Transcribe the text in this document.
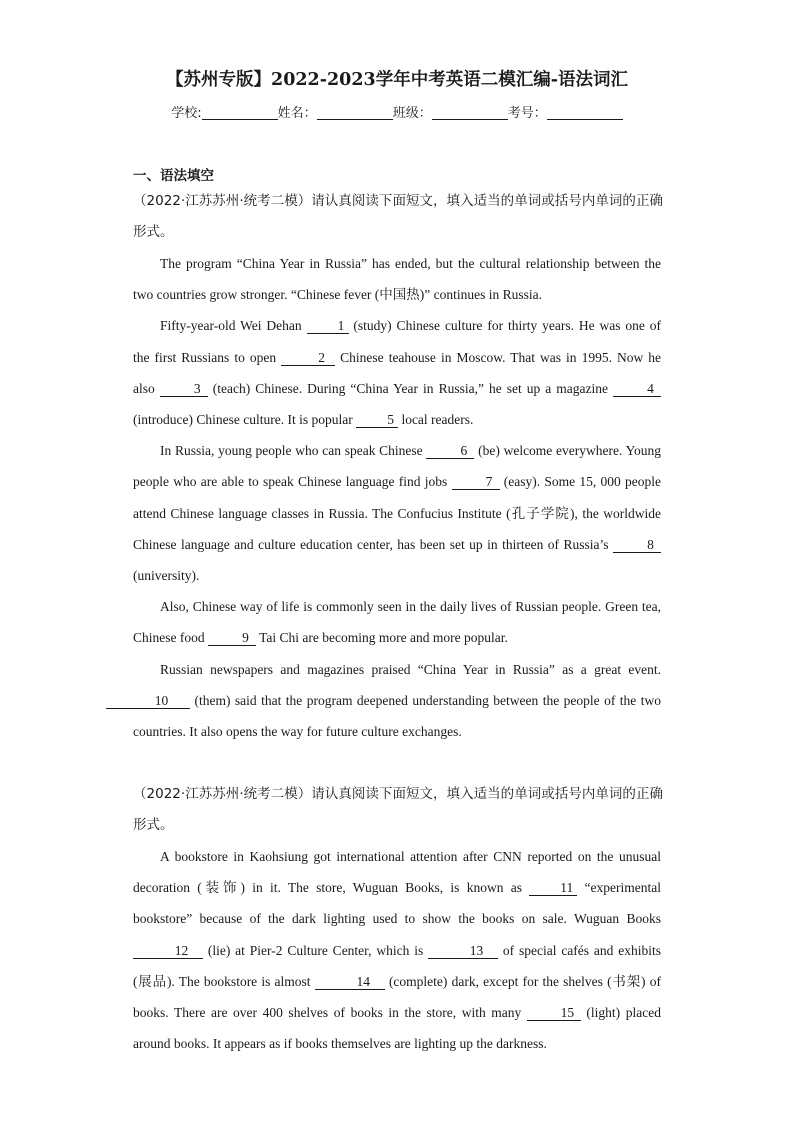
【苏州专版】2022-2023学年中考英语二模汇编-语法词汇
学校:	姓名：	班级：	考号：
一、语法填空
（2022·江苏苏州·统考二模）请认真阅读下面短文，填入适当的单词或括号内单词的正确形式。

The program “China Year in Russia” has ended, but the cultural relationship between the two countries grow stronger. “Chinese fever (中国热)” continues in Russia.

Fifty-year-old Wei Dehan 1 (study) Chinese culture for thirty years. He was one of the first Russians to open	2 Chinese teahouse in Moscow. That was in 1995. Now he also	3 (teach) Chinese. During “China Year in Russia,” he set up a magazine	4 (introduce) Chinese culture. It is popular 5 local readers.

In Russia, young people who can speak Chinese	6 (be) welcome everywhere. Young people who are able to speak Chinese language find jobs	7 (easy). Some 15, 000 people attend Chinese language classes in Russia. The Confucius Institute (孔子学院), the worldwide Chinese language and culture education center, has been set up in thirteen of Russia’s	8 (university).

Also, Chinese way of life is commonly seen in the daily lives of Russian people. Green tea, Chinese food	9 Tai Chi are becoming more and more popular.

Russian newspapers and magazines praised “China Year in Russia” as a great event. 10 (them) said that the program deepened understanding between the people of the two countries. It also opens the way for future culture exchanges.

（2022·江苏苏州·统考二模）请认真阅读下面短文，填入适当的单词或括号内单词的正确形式。

A bookstore in Kaohsiung got international attention after CNN reported on the unusual decoration (装饰) in it. The store, Wuguan Books, is known as 11 “experimental bookstore” because of the dark lighting used to show the books on sale. Wuguan Books 12 (lie) at Pier-2 Culture Center, which is	13 of special cafés and exhibits (展品). The bookstore is almost	14 (complete) dark, except for the shelves (书架) of books. There are over 400 shelves of books in the store, with many	15 (light) placed around books. It appears as if books themselves are lighting up the darkness.
